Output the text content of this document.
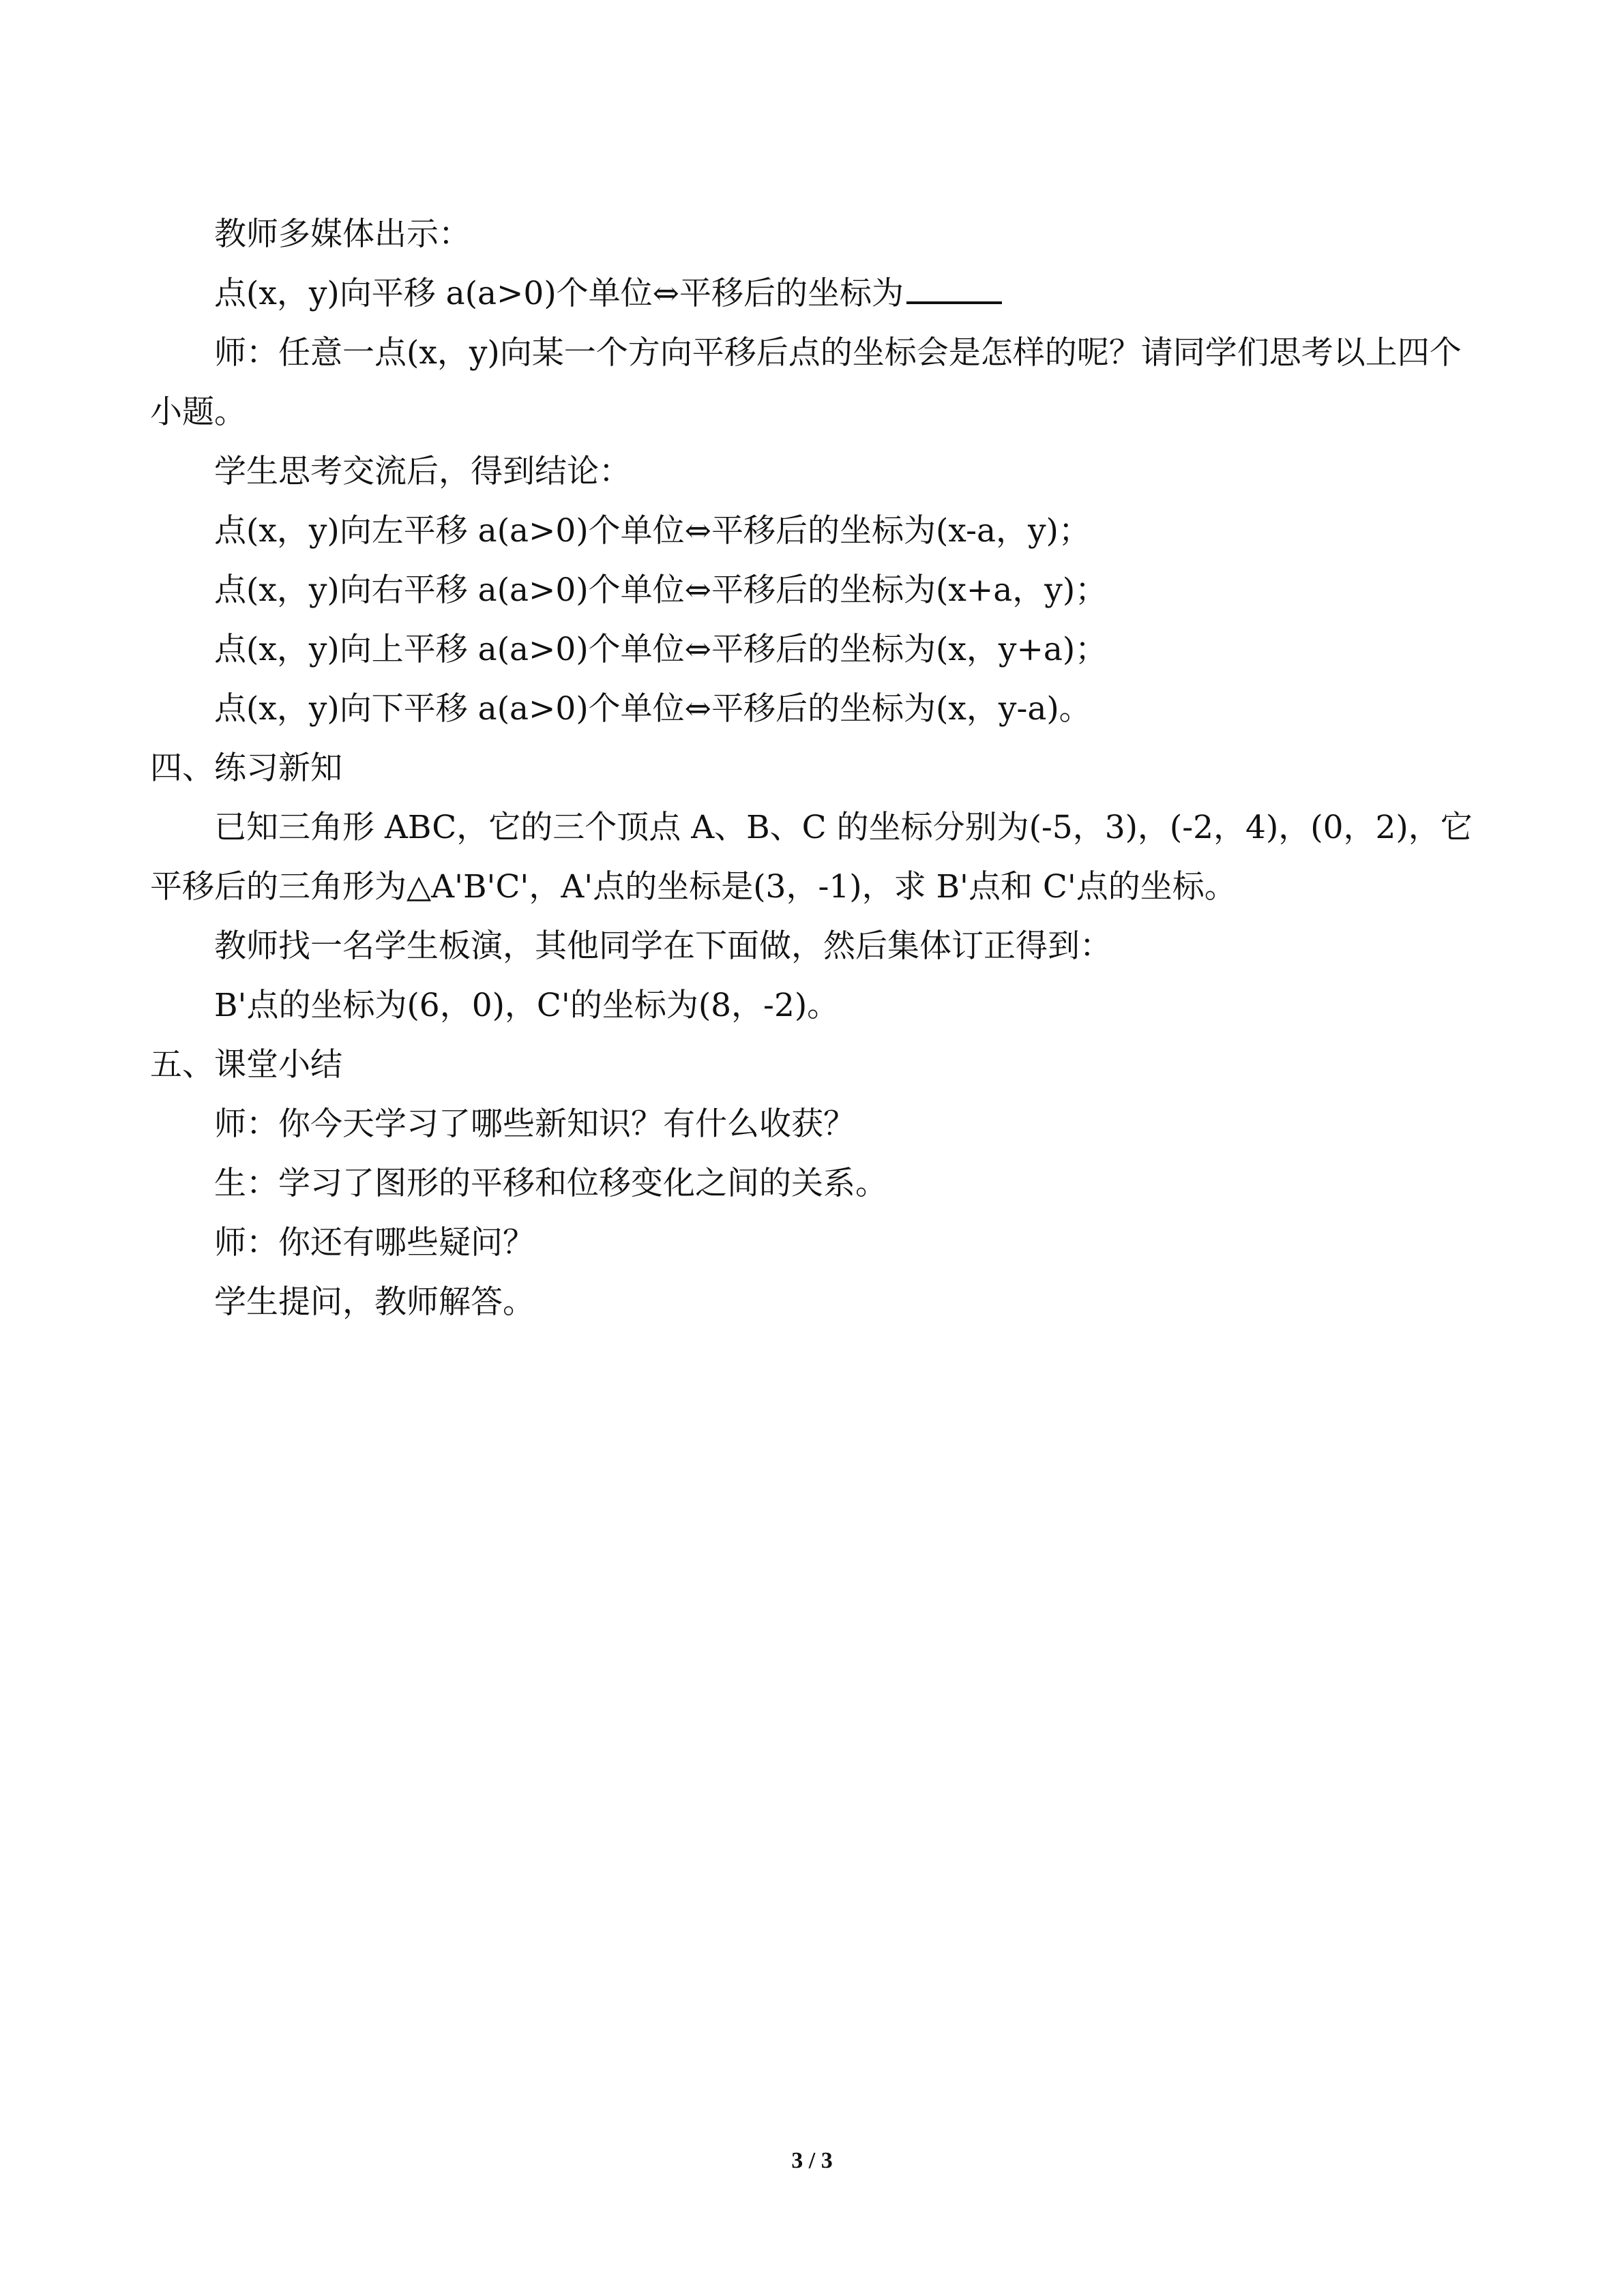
教师多媒体出示：

点(x，y)向平移 a(a>0)个单位⇔平移后的坐标为

师：任意一点(x，y)向某一个方向平移后点的坐标会是怎样的呢？请同学们思考以上四个小题。

学生思考交流后，得到结论：

点(x，y)向左平移 a(a>0)个单位⇔平移后的坐标为(x-a，y)；

点(x，y)向右平移 a(a>0)个单位⇔平移后的坐标为(x+a，y)；

点(x，y)向上平移 a(a>0)个单位⇔平移后的坐标为(x，y+a)；

点(x，y)向下平移 a(a>0)个单位⇔平移后的坐标为(x，y-a)。

四、练习新知

已知三角形 ABC，它的三个顶点 A、B、C 的坐标分别为(-5，3)，(-2，4)，(0，2)，它平移后的三角形为△A'B'C'，A'点的坐标是(3，-1)，求 B'点和 C'点的坐标。

教师找一名学生板演，其他同学在下面做，然后集体订正得到：

B'点的坐标为(6，0)，C'的坐标为(8，-2)。

五、课堂小结

师：你今天学习了哪些新知识？有什么收获？

生：学习了图形的平移和位移变化之间的关系。

师：你还有哪些疑问？

学生提问，教师解答。

3 / 3
